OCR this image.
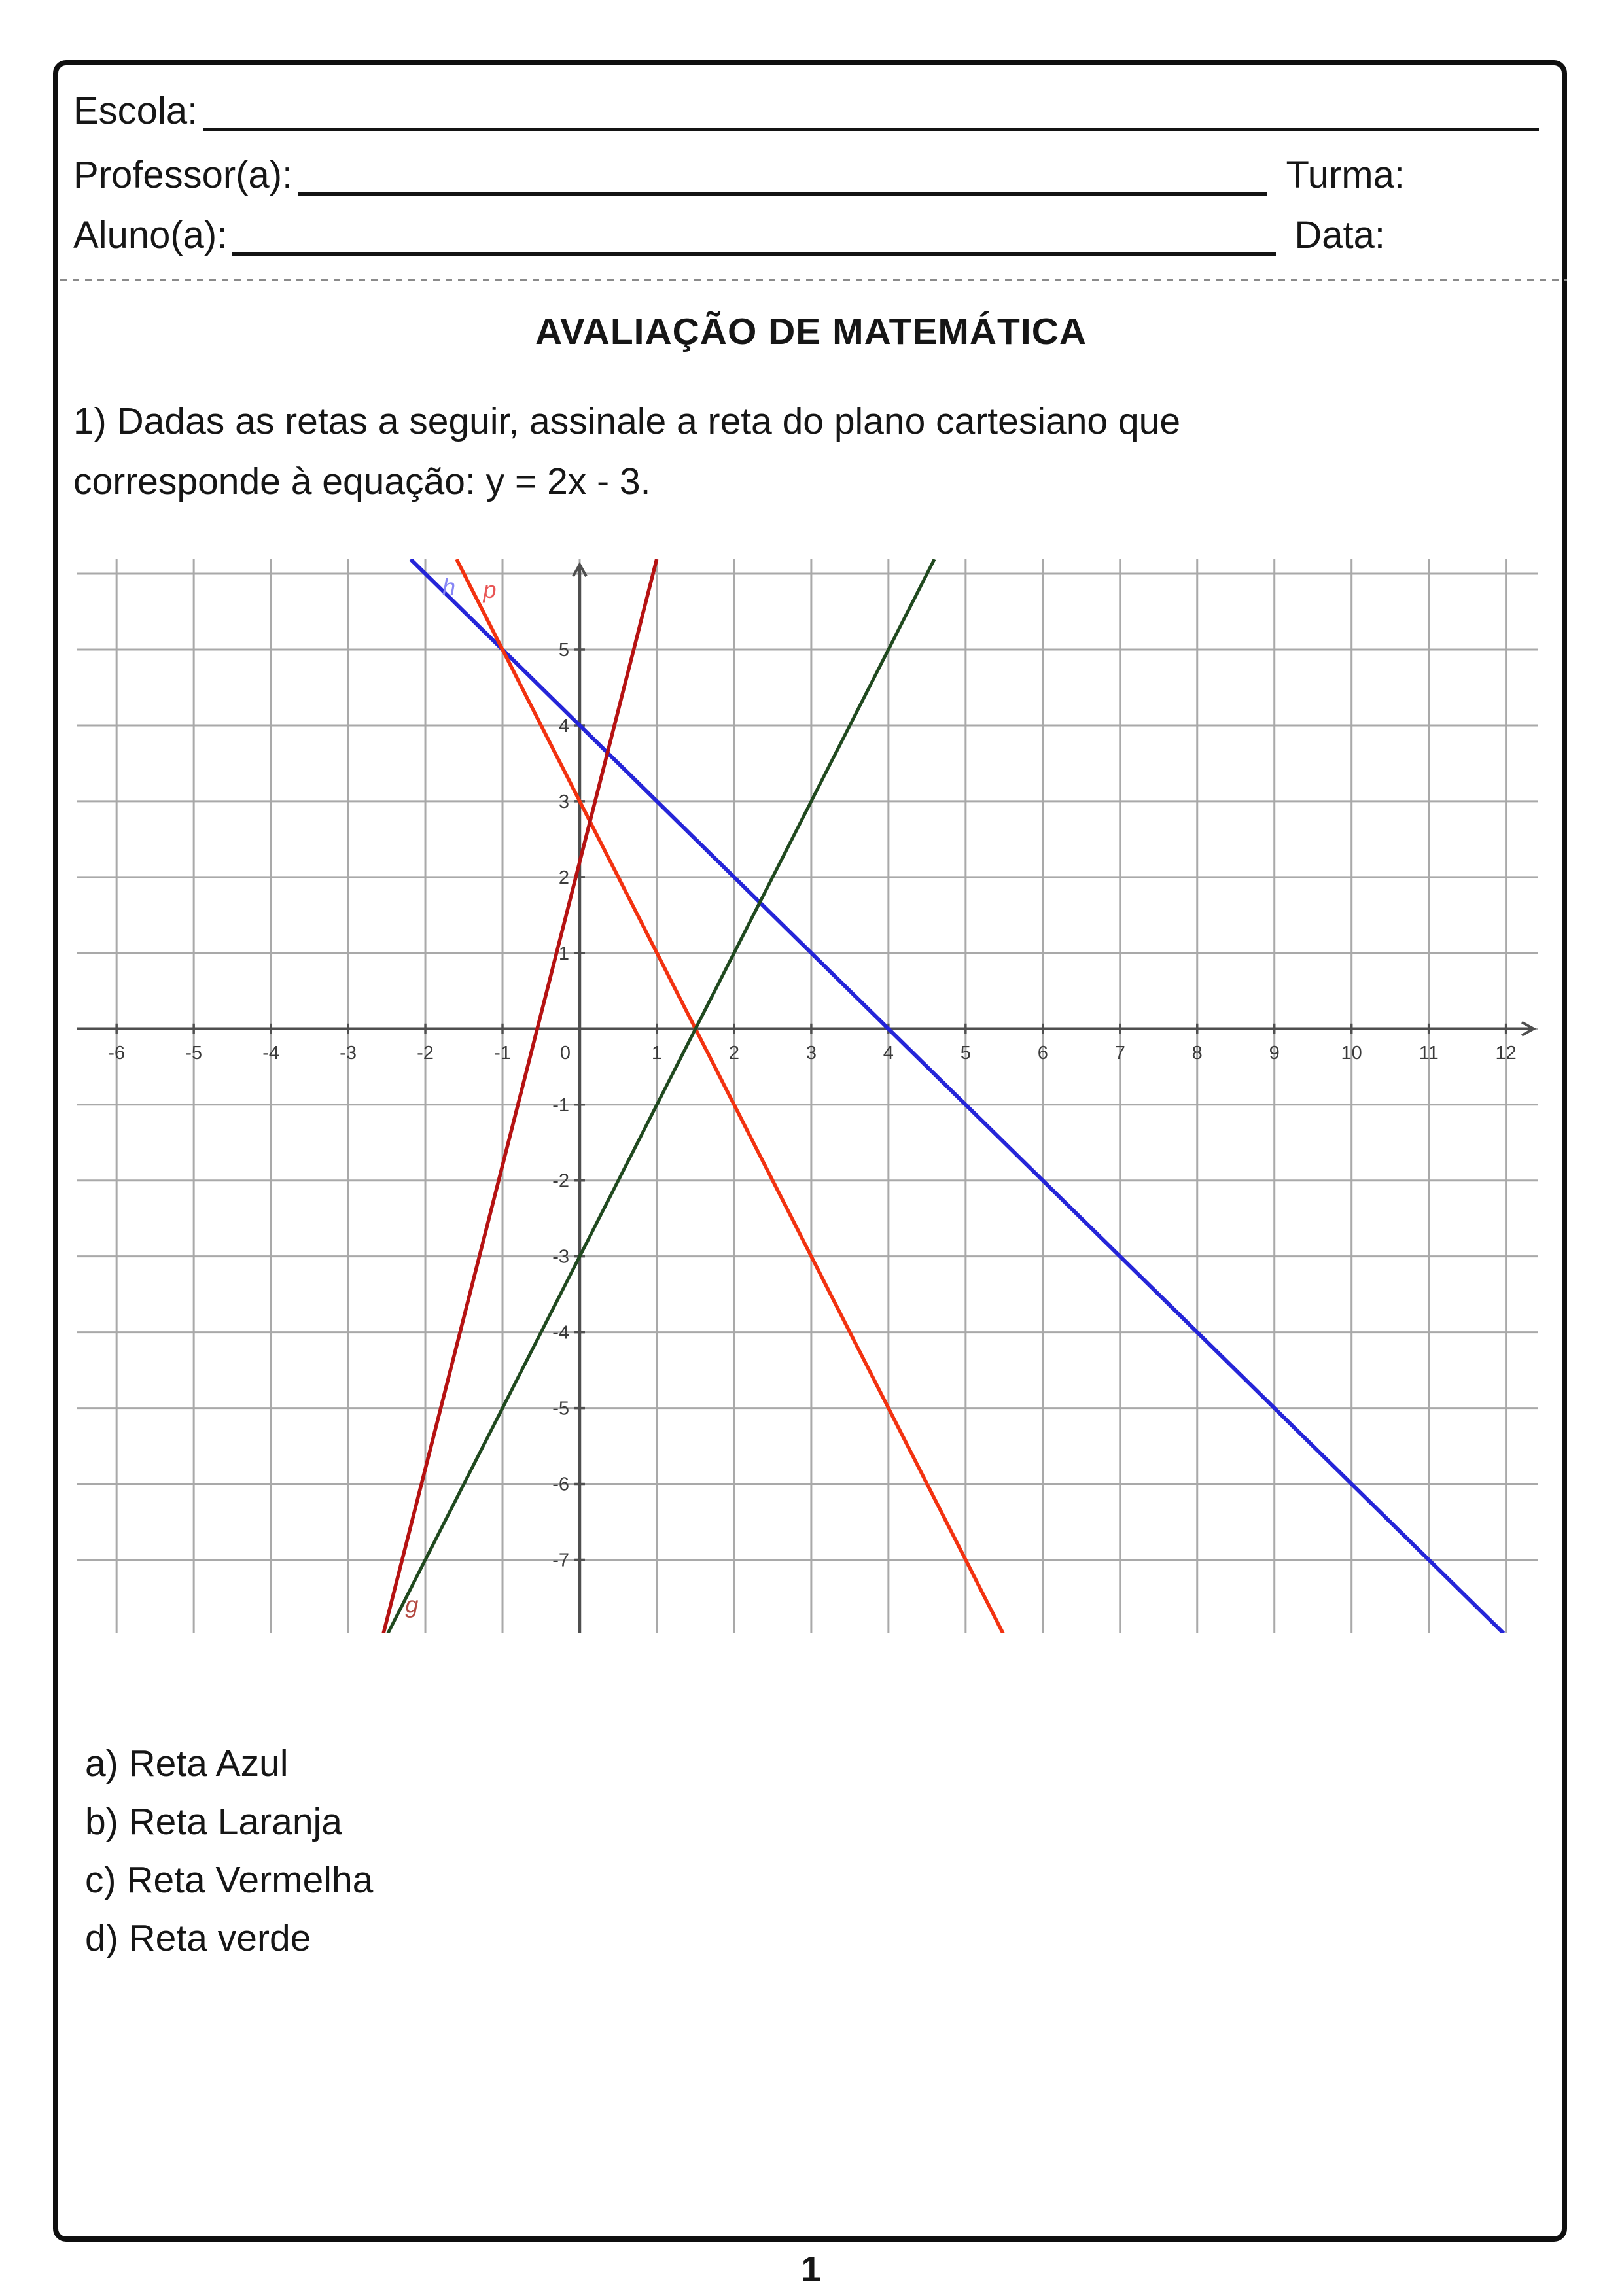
Escola:
Professor(a):	Turma:
Aluno(a):	Data:
AVALIAÇÃO DE MATEMÁTICA
1) Dadas as retas a seguir, assinale a reta do plano cartesiano que
corresponde à equação: y = 2x - 3.
-6	-5	-4	-3	-2	-1	0	1	2	3	4	5	6	7	8	9	10	11	12
5
4
3
2
1
-1
-2
-3
-4
-5
-6
-7
h p
g
a) Reta Azul
b) Reta Laranja
c) Reta Vermelha
d) Reta verde
1
